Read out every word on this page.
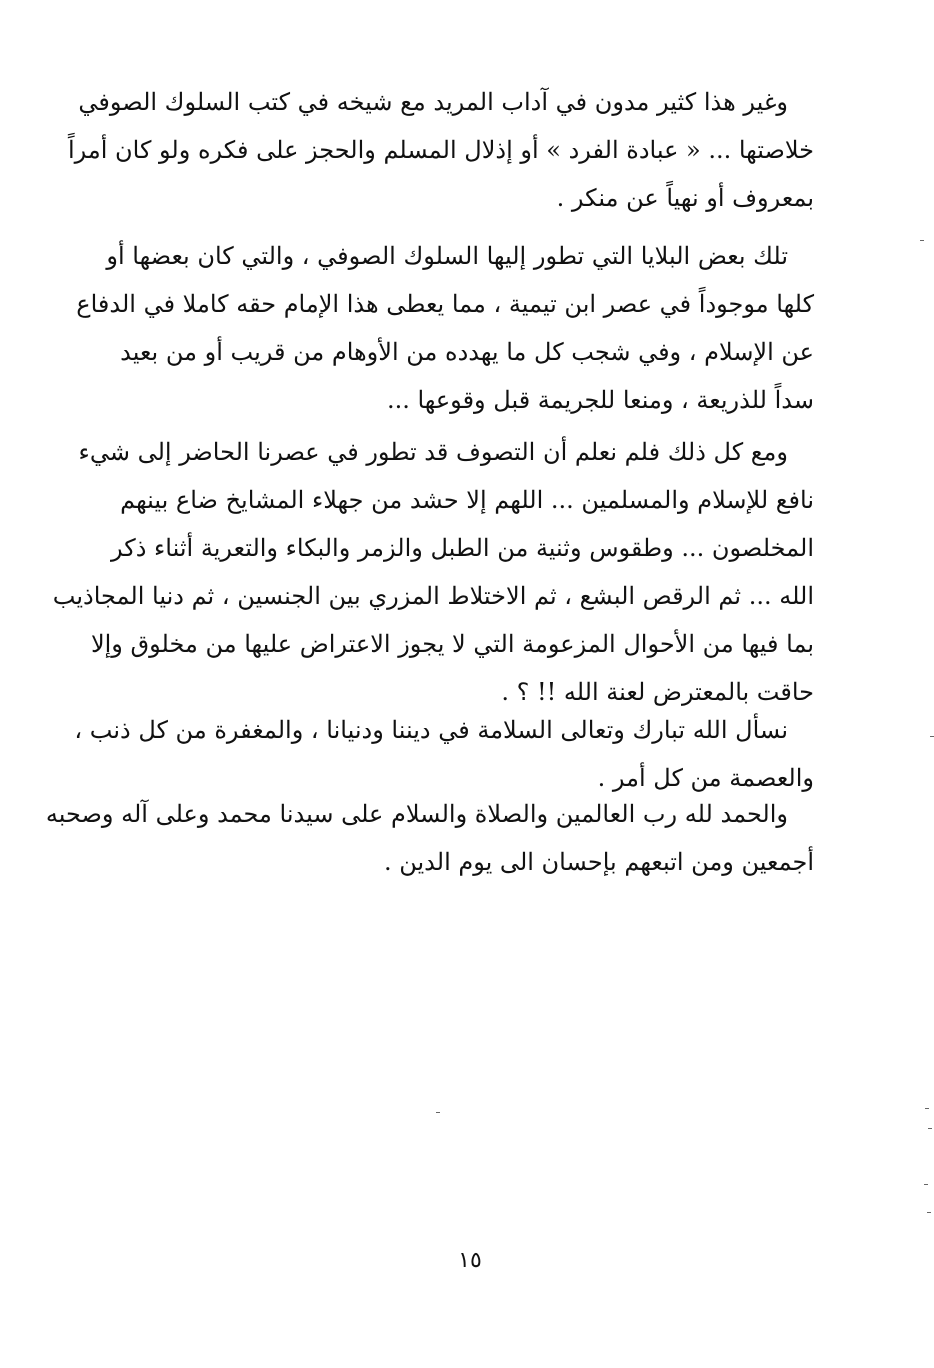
وغير هذا كثير مدون في آداب المريد مع شيخه في كتب السلوك الصوفي
خلاصتها ... « عبادة الفرد » أو إذلال المسلم والحجز على فكره ولو كان أمراً
بمعروف أو نهياً عن منكر .
تلك بعض البلايا التي تطور إليها السلوك الصوفي ، والتي كان بعضها أو
كلها موجوداً في عصر ابن تيمية ، مما يعطى هذا الإمام حقه كاملا في الدفاع
عن الإسلام ، وفي شجب كل ما يهدده من الأوهام من قريب أو من بعيد
سداً للذريعة ، ومنعا للجريمة قبل وقوعها ...
ومع كل ذلك فلم نعلم أن التصوف قد تطور في عصرنا الحاضر إلى شيء
نافع للإسلام والمسلمين ... اللهم إلا حشد من جهلاء المشايخ ضاع بينهم
المخلصون ... وطقوس وثنية من الطبل والزمر والبكاء والتعرية أثناء ذكر
الله ... ثم الرقص البشع ، ثم الاختلاط المزري بين الجنسين ، ثم دنيا المجاذيب
بما فيها من الأحوال المزعومة التي لا يجوز الاعتراض عليها من مخلوق وإلا
حاقت بالمعترض لعنة الله !! ؟ .
نسأل الله تبارك وتعالى السلامة في ديننا ودنيانا ، والمغفرة من كل ذنب ،
والعصمة من كل أمر .
والحمد لله رب العالمين والصلاة والسلام على سيدنا محمد وعلى آله وصحبه
أجمعين ومن اتبعهم بإحسان الى يوم الدين .
١٥
